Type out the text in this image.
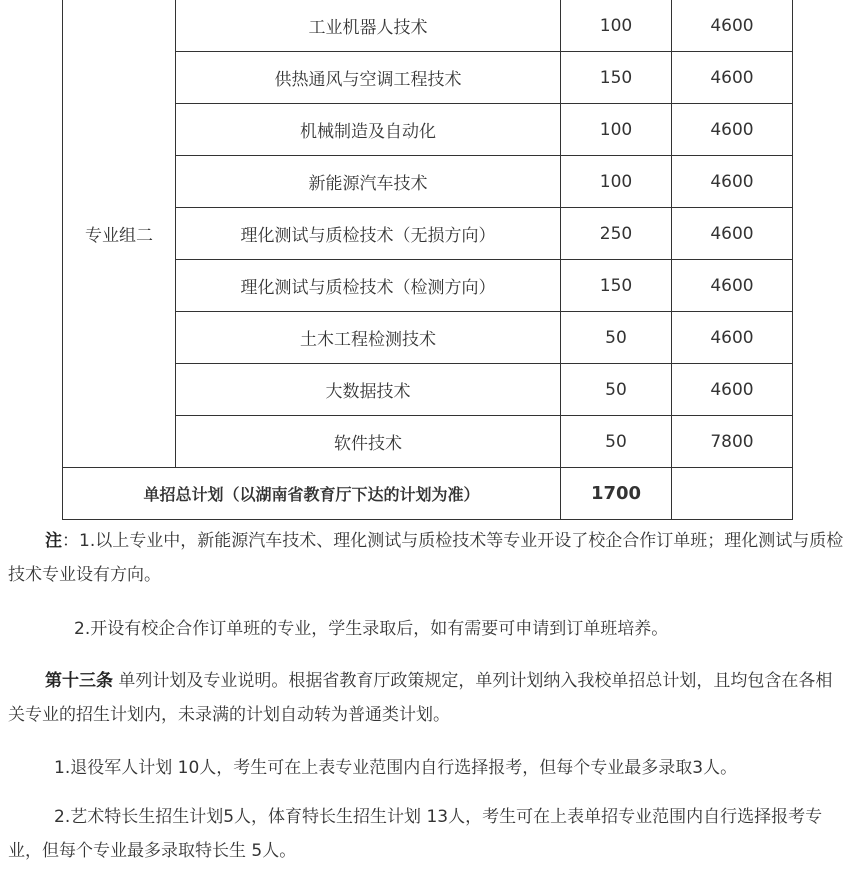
专业组二	工业机器人技术	100	4600
	供热通风与空调工程技术	150	4600
	机械制造及自动化	100	4600
	新能源汽车技术	100	4600
	理化测试与质检技术（无损方向）	250	4600
	理化测试与质检技术（检测方向）	150	4600
	土木工程检测技术	50	4600
	大数据技术	50	4600
	软件技术	50	7800
单招总计划（以湖南省教育厅下达的计划为准）		1700	

注：1.以上专业中，新能源汽车技术、理化测试与质检技术等专业开设了校企合作订单班；理化测试与质检技术专业设有方向。

2.开设有校企合作订单班的专业，学生录取后，如有需要可申请到订单班培养。

第十三条 单列计划及专业说明。根据省教育厅政策规定，单列计划纳入我校单招总计划，且均包含在各相关专业的招生计划内，未录满的计划自动转为普通类计划。

1.退役军人计划 10人，考生可在上表专业范围内自行选择报考，但每个专业最多录取3人。

2.艺术特长生招生计划5人，体育特长生招生计划 13人，考生可在上表单招专业范围内自行选择报考专业，但每个专业最多录取特长生 5人。
